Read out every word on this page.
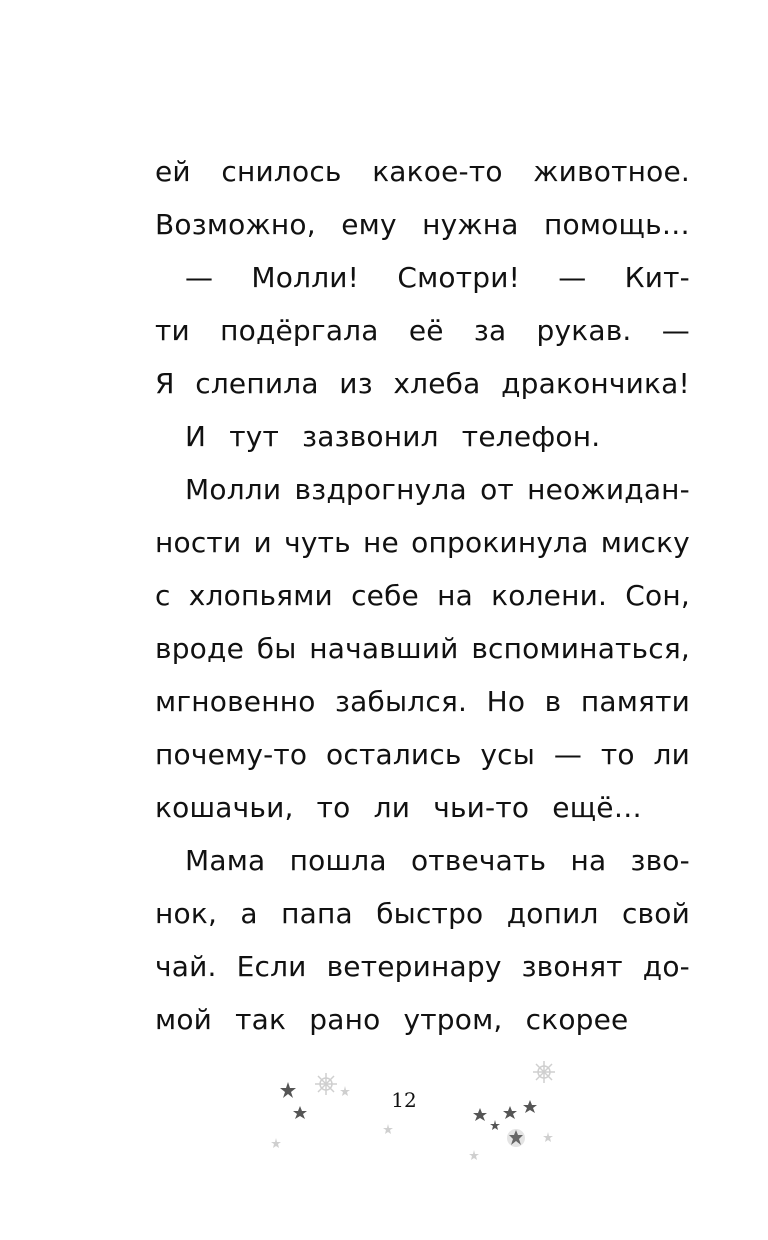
ей снилось какое-то животное.
Возможно, ему нужна помощь…
— Молли! Смотри! — Кит-
ти подёргала её за рукав. —
Я слепила из хлеба дракончика!
И тут зазвонил телефон.
Молли вздрогнула от неожидан-
ности и чуть не опрокинула миску
с хлопьями себе на колени. Сон,
вроде бы начавший вспоминаться,
мгновенно забылся. Но в памяти
почему-то остались усы — то ли
кошачьи, то ли чьи-то ещё…
Мама пошла отвечать на зво-
нок, а папа быстро допил свой
чай. Если ветеринару звонят до-
мой так рано утром, скорее
12
